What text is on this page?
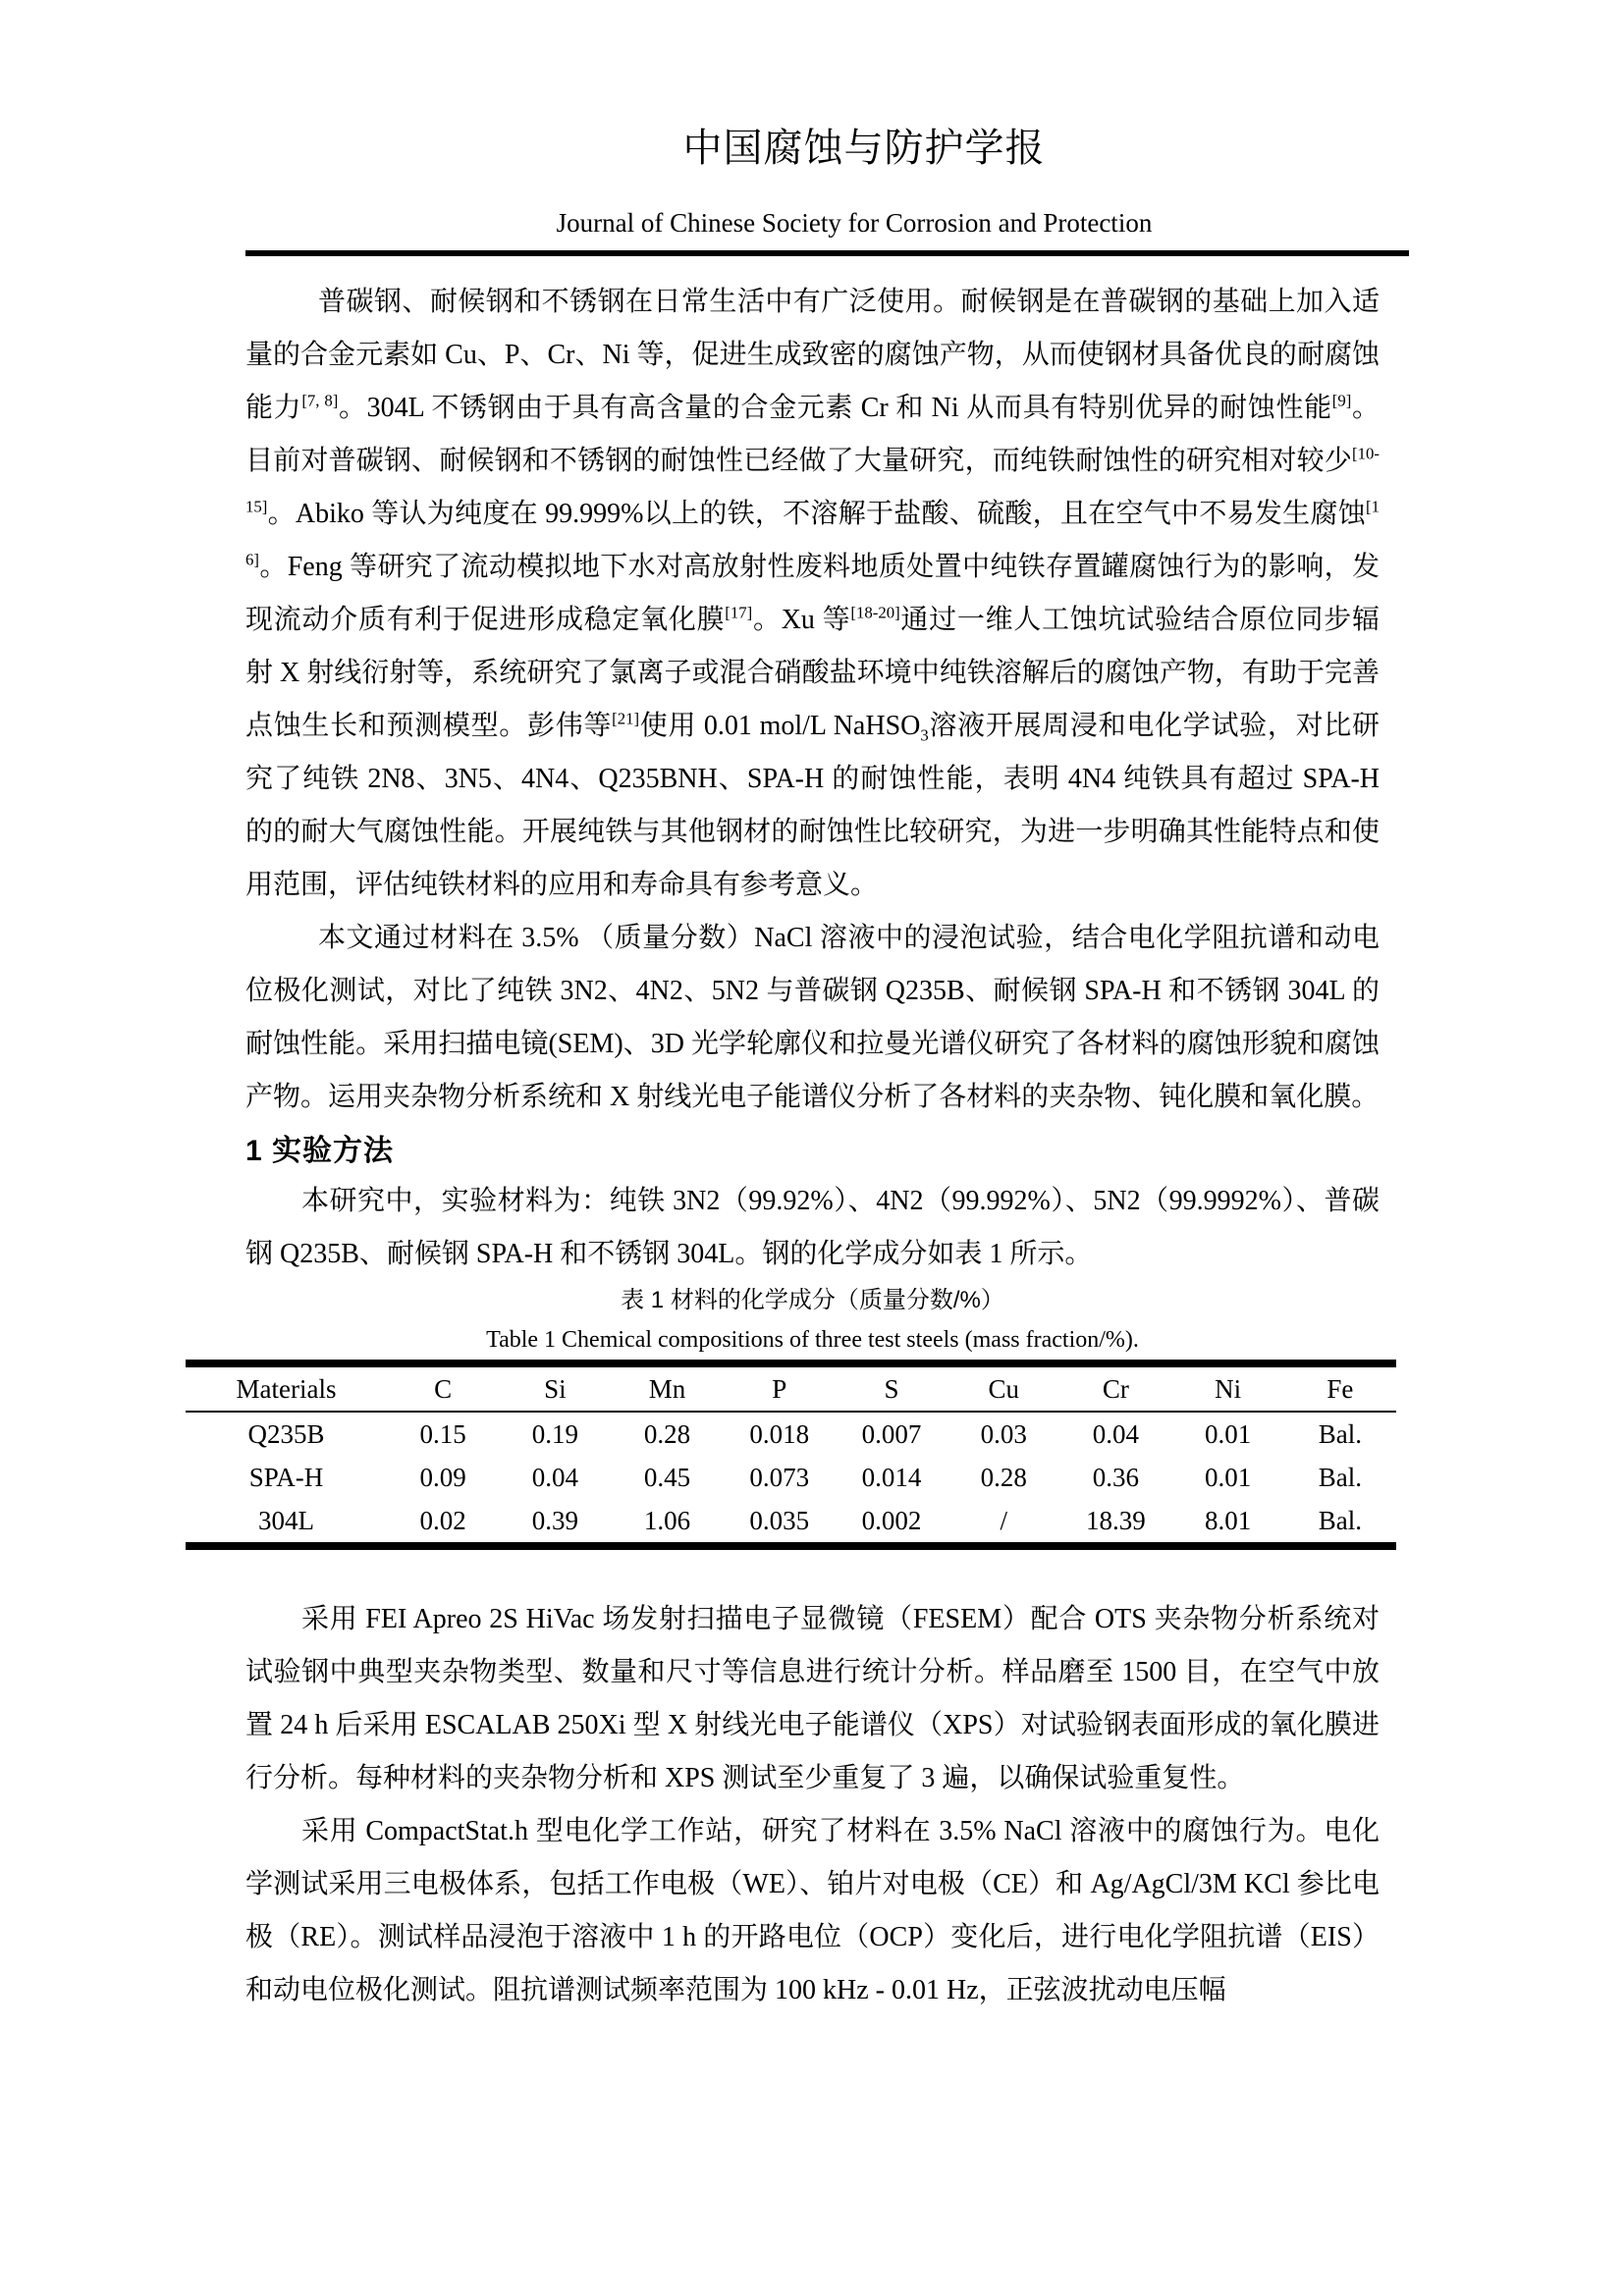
中国腐蚀与防护学报
Journal of Chinese Society for Corrosion and Protection

普碳钢、耐候钢和不锈钢在日常生活中有广泛使用。耐候钢是在普碳钢的基础上加入适量的合金元素如 Cu、P、Cr、Ni 等，促进生成致密的腐蚀产物，从而使钢材具备优良的耐腐蚀能力[7, 8]。304L 不锈钢由于具有高含量的合金元素 Cr 和 Ni 从而具有特别优异的耐蚀性能[9]。目前对普碳钢、耐候钢和不锈钢的耐蚀性已经做了大量研究，而纯铁耐蚀性的研究相对较少[10-15]。Abiko 等认为纯度在 99.999%以上的铁，不溶解于盐酸、硫酸，且在空气中不易发生腐蚀[16]。Feng 等研究了流动模拟地下水对高放射性废料地质处置中纯铁存置罐腐蚀行为的影响，发现流动介质有利于促进形成稳定氧化膜[17]。Xu 等[18-20]通过一维人工蚀坑试验结合原位同步辐射 X 射线衍射等，系统研究了氯离子或混合硝酸盐环境中纯铁溶解后的腐蚀产物，有助于完善点蚀生长和预测模型。彭伟等[21]使用 0.01 mol/L NaHSO$_3$溶液开展周浸和电化学试验，对比研究了纯铁 2N8、3N5、4N4、Q235BNH、SPA-H 的耐蚀性能，表明 4N4 纯铁具有超过 SPA-H 的的耐大气腐蚀性能。开展纯铁与其他钢材的耐蚀性比较研究，为进一步明确其性能特点和使用范围，评估纯铁材料的应用和寿命具有参考意义。

本文通过材料在 3.5% （质量分数）NaCl 溶液中的浸泡试验，结合电化学阻抗谱和动电位极化测试，对比了纯铁 3N2、4N2、5N2 与普碳钢 Q235B、耐候钢 SPA-H 和不锈钢 304L 的耐蚀性能。采用扫描电镜(SEM)、3D 光学轮廓仪和拉曼光谱仪研究了各材料的腐蚀形貌和腐蚀产物。运用夹杂物分析系统和 X 射线光电子能谱仪分析了各材料的夹杂物、钝化膜和氧化膜。

1 实验方法

本研究中，实验材料为：纯铁 3N2（99.92%）、4N2（99.992%）、5N2（99.9992%）、普碳钢 Q235B、耐候钢 SPA-H 和不锈钢 304L。钢的化学成分如表 1 所示。

表 1 材料的化学成分（质量分数/%）

Table 1 Chemical compositions of three test steels (mass fraction/%).

Materials	C	Si	Mn	P	S	Cu	Cr	Ni	Fe
Q235B	0.15	0.19	0.28	0.018	0.007	0.03	0.04	0.01	Bal.
SPA-H	0.09	0.04	0.45	0.073	0.014	0.28	0.36	0.01	Bal.
304L	0.02	0.39	1.06	0.035	0.002	/	18.39	8.01	Bal.

采用 FEI Apreo 2S HiVac 场发射扫描电子显微镜（FESEM）配合 OTS 夹杂物分析系统对试验钢中典型夹杂物类型、数量和尺寸等信息进行统计分析。样品磨至 1500 目，在空气中放置 24 h 后采用 ESCALAB 250Xi 型 X 射线光电子能谱仪（XPS）对试验钢表面形成的氧化膜进行分析。每种材料的夹杂物分析和 XPS 测试至少重复了 3 遍，以确保试验重复性。

采用 CompactStat.h 型电化学工作站，研究了材料在 3.5% NaCl 溶液中的腐蚀行为。电化学测试采用三电极体系，包括工作电极（WE）、铂片对电极（CE）和 Ag/AgCl/3M KCl 参比电极（RE）。测试样品浸泡于溶液中 1 h 的开路电位（OCP）变化后，进行电化学阻抗谱（EIS）和动电位极化测试。阻抗谱测试频率范围为 100 kHz - 0.01 Hz，正弦波扰动电压幅
